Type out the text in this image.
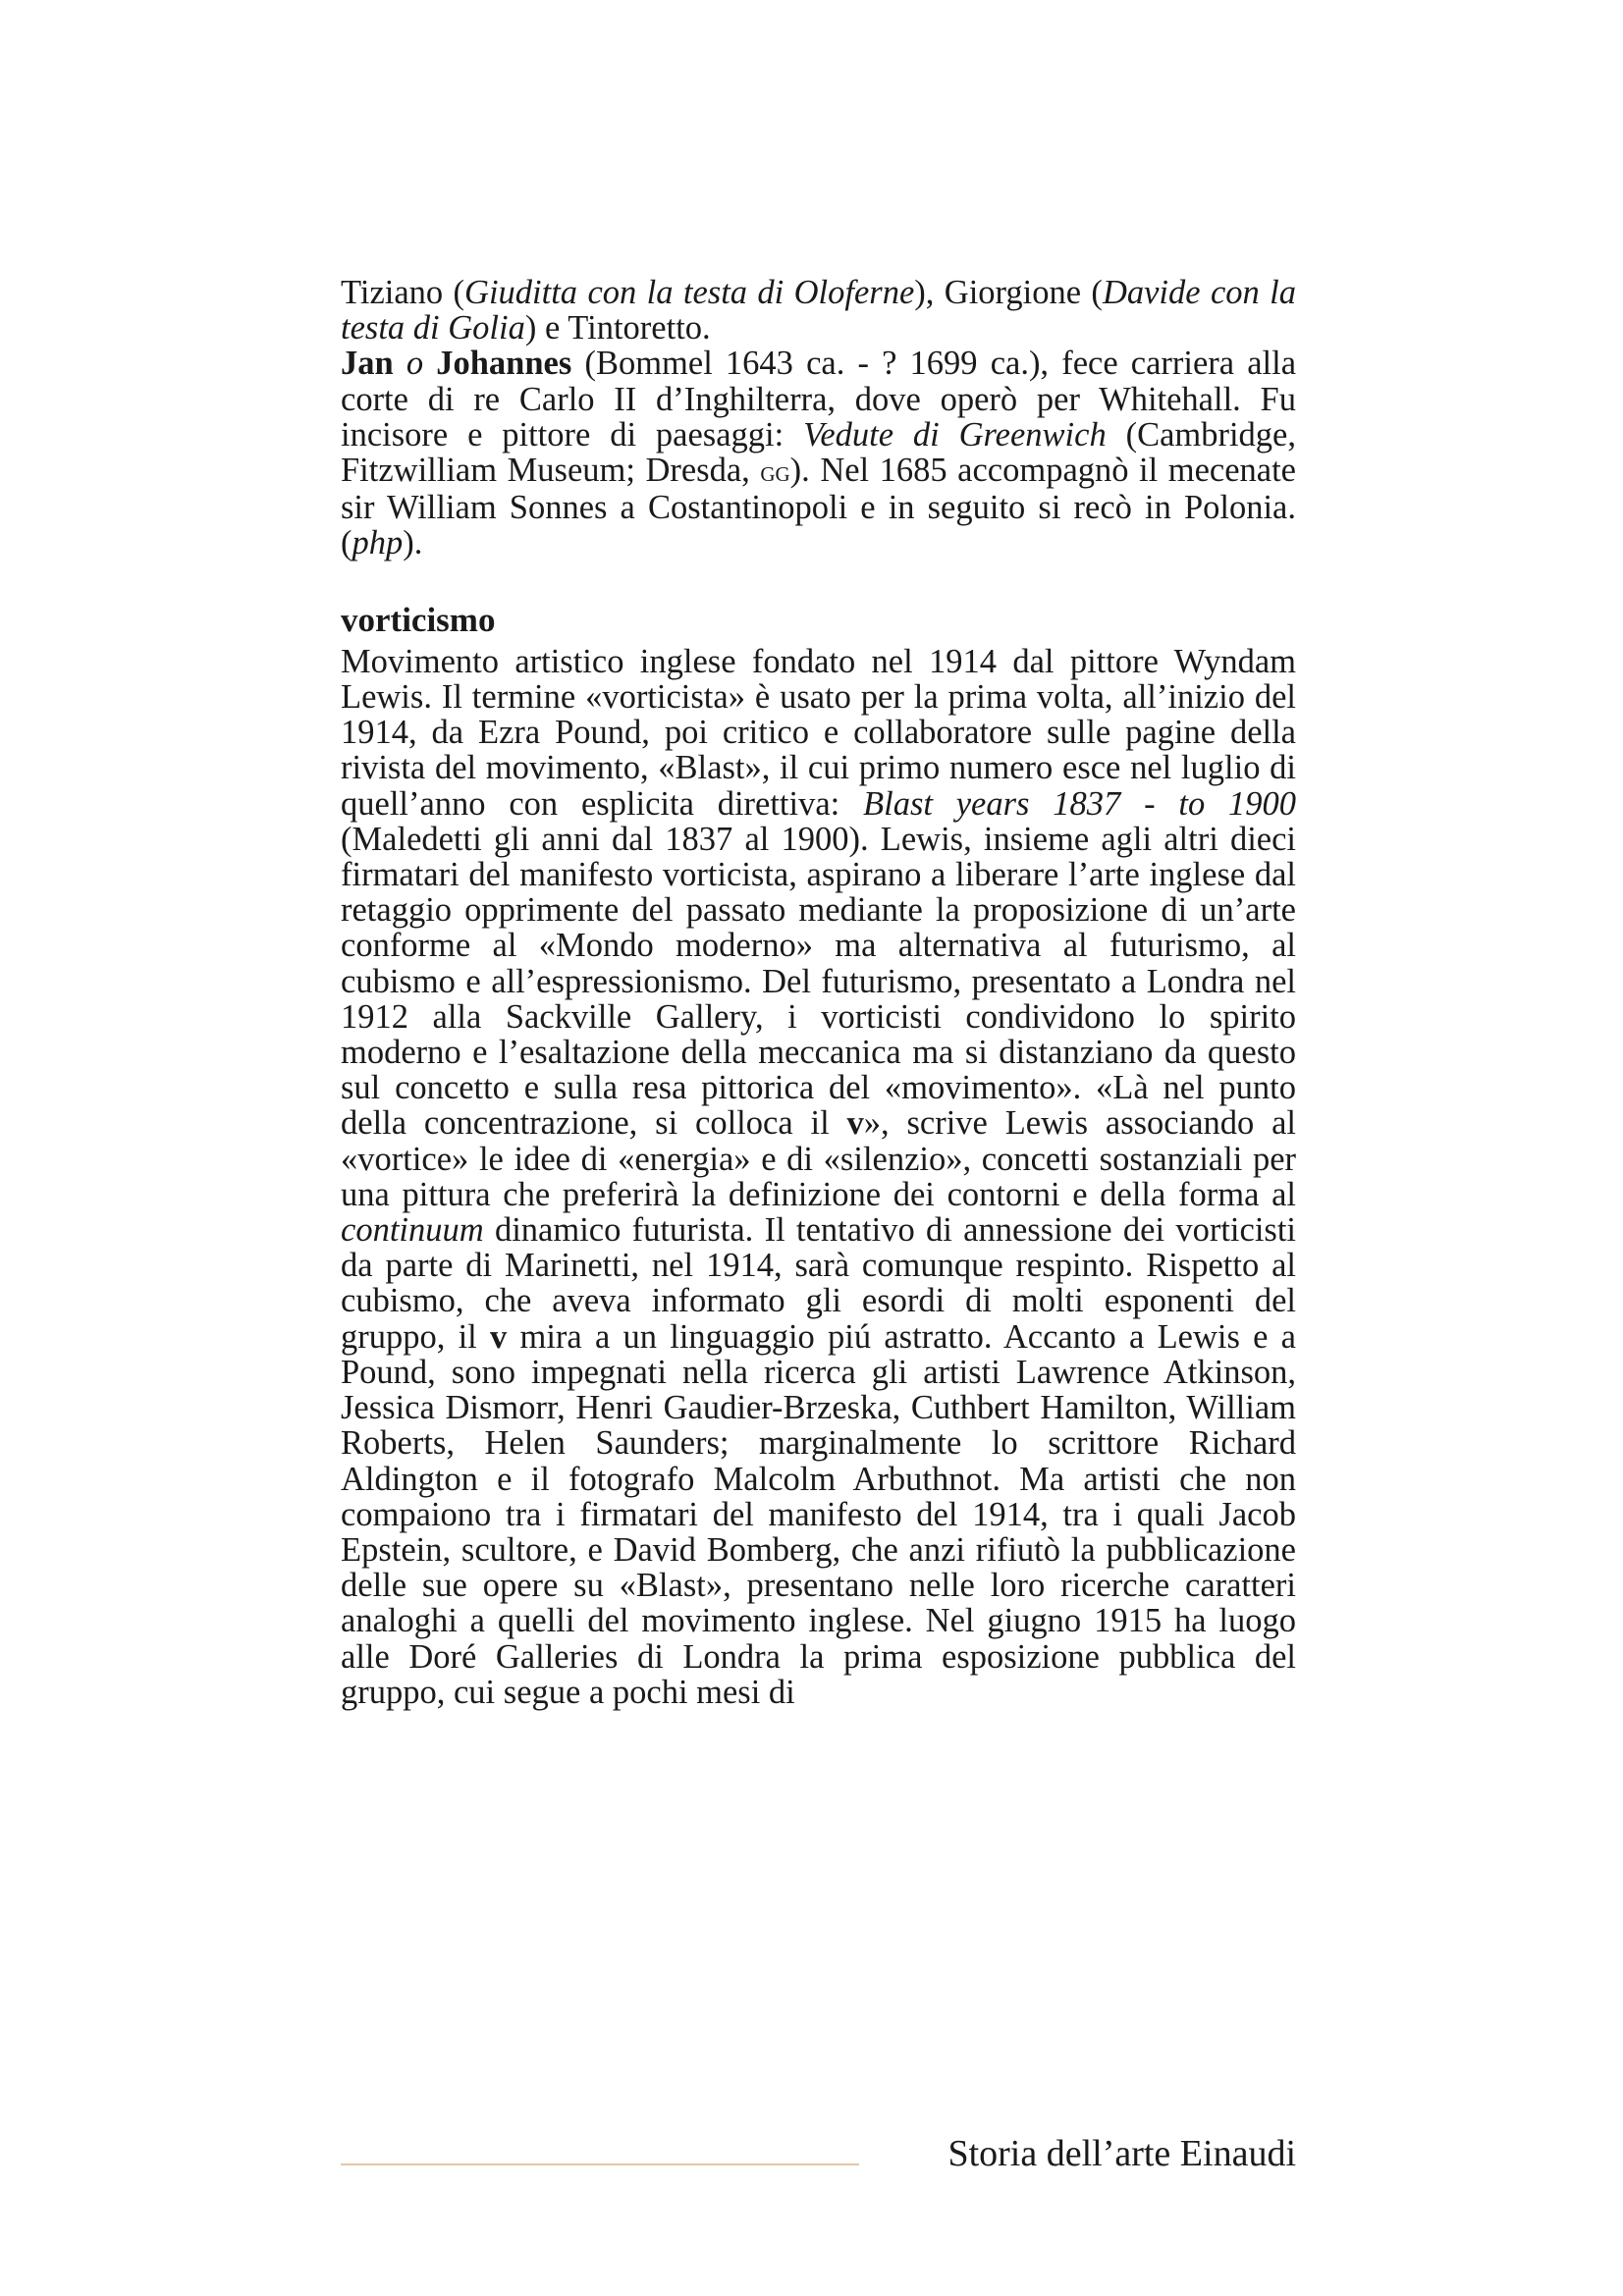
Tiziano (Giuditta con la testa di Oloferne), Giorgione (Davide con la testa di Golia) e Tintoretto.

Jan o Johannes (Bommel 1643 ca. - ? 1699 ca.), fece carriera alla corte di re Carlo II d’Inghilterra, dove operò per Whitehall. Fu incisore e pittore di paesaggi: Vedute di Greenwich (Cambridge, Fitzwilliam Museum; Dresda, gg). Nel 1685 accompagnò il mecenate sir William Sonnes a Costantinopoli e in seguito si recò in Polonia. (php).

vorticismo

Movimento artistico inglese fondato nel 1914 dal pittore Wyndam Lewis. Il termine «vorticista» è usato per la prima volta, all’inizio del 1914, da Ezra Pound, poi critico e collaboratore sulle pagine della rivista del movimento, «Blast», il cui primo numero esce nel luglio di quell’anno con esplicita direttiva: Blast years 1837 - to 1900 (Maledetti gli anni dal 1837 al 1900). Lewis, insieme agli altri dieci firmatari del manifesto vorticista, aspirano a liberare l’arte inglese dal retaggio opprimente del passato mediante la proposizione di un’arte conforme al «Mondo moderno» ma alternativa al futurismo, al cubismo e all’espressionismo. Del futurismo, presentato a Londra nel 1912 alla Sackville Gallery, i vorticisti condividono lo spirito moderno e l’esaltazione della meccanica ma si distanziano da questo sul concetto e sulla resa pittorica del «movimento». «Là nel punto della concentrazione, si colloca il v», scrive Lewis associando al «vortice» le idee di «energia» e di «silenzio», concetti sostanziali per una pittura che preferirà la definizione dei contorni e della forma al continuum dinamico futurista. Il tentativo di annessione dei vorticisti da parte di Marinetti, nel 1914, sarà comunque respinto. Rispetto al cubismo, che aveva informato gli esordi di molti esponenti del gruppo, il v mira a un linguaggio piú astratto. Accanto a Lewis e a Pound, sono impegnati nella ricerca gli artisti Lawrence Atkinson, Jessica Dismorr, Henri Gaudier-Brzeska, Cuthbert Hamilton, William Roberts, Helen Saunders; marginalmente lo scrittore Richard Aldington e il fotografo Malcolm Arbuthnot. Ma artisti che non compaiono tra i firmatari del manifesto del 1914, tra i quali Jacob Epstein, scultore, e David Bomberg, che anzi rifiutò la pubblicazione delle sue opere su «Blast», presentano nelle loro ricerche caratteri analoghi a quelli del movimento inglese. Nel giugno 1915 ha luogo alle Doré Galleries di Londra la prima esposizione pubblica del gruppo, cui segue a pochi mesi di

Storia dell’arte Einaudi
